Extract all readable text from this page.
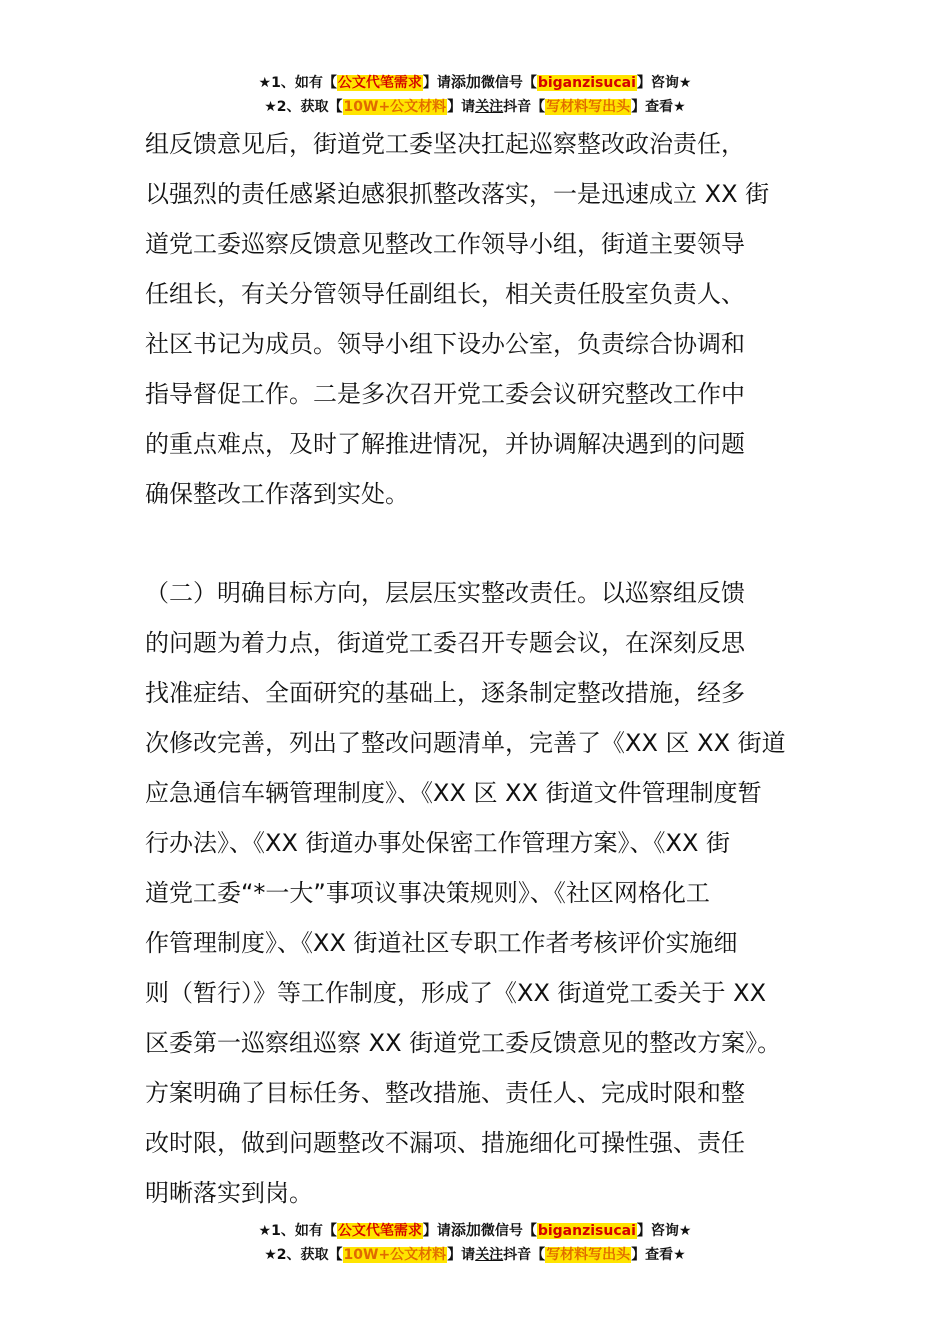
★1、如有【公文代笔需求】请添加微信号【biganzisucai】咨询★
★2、获取【10W+公文材料】请关注抖音【写材料写出头】查看★
组反馈意见后，街道党工委坚决扛起巡察整改政治责任，
以强烈的责任感紧迫感狠抓整改落实，一是迅速成立 XX 街
道党工委巡察反馈意见整改工作领导小组，街道主要领导
任组长，有关分管领导任副组长，相关责任股室负责人、
社区书记为成员。领导小组下设办公室，负责综合协调和
指导督促工作。二是多次召开党工委会议研究整改工作中
的重点难点，及时了解推进情况，并协调解决遇到的问题
确保整改工作落到实处。
（二）明确目标方向，层层压实整改责任。以巡察组反馈
的问题为着力点，街道党工委召开专题会议，在深刻反思
找准症结、全面研究的基础上，逐条制定整改措施，经多
次修改完善，列出了整改问题清单，完善了《XX 区 XX 街道
应急通信车辆管理制度》、《XX 区 XX 街道文件管理制度暂
行办法》、《XX 街道办事处保密工作管理方案》、《XX 街
道党工委“*一大”事项议事决策规则》、《社区网格化工
作管理制度》、《XX 街道社区专职工作者考核评价实施细
则（暂行）》等工作制度，形成了《XX 街道党工委关于 XX
区委第一巡察组巡察 XX 街道党工委反馈意见的整改方案》。
方案明确了目标任务、整改措施、责任人、完成时限和整
改时限，做到问题整改不漏项、措施细化可操性强、责任
明晰落实到岗。
★1、如有【公文代笔需求】请添加微信号【biganzisucai】咨询★
★2、获取【10W+公文材料】请关注抖音【写材料写出头】查看★
